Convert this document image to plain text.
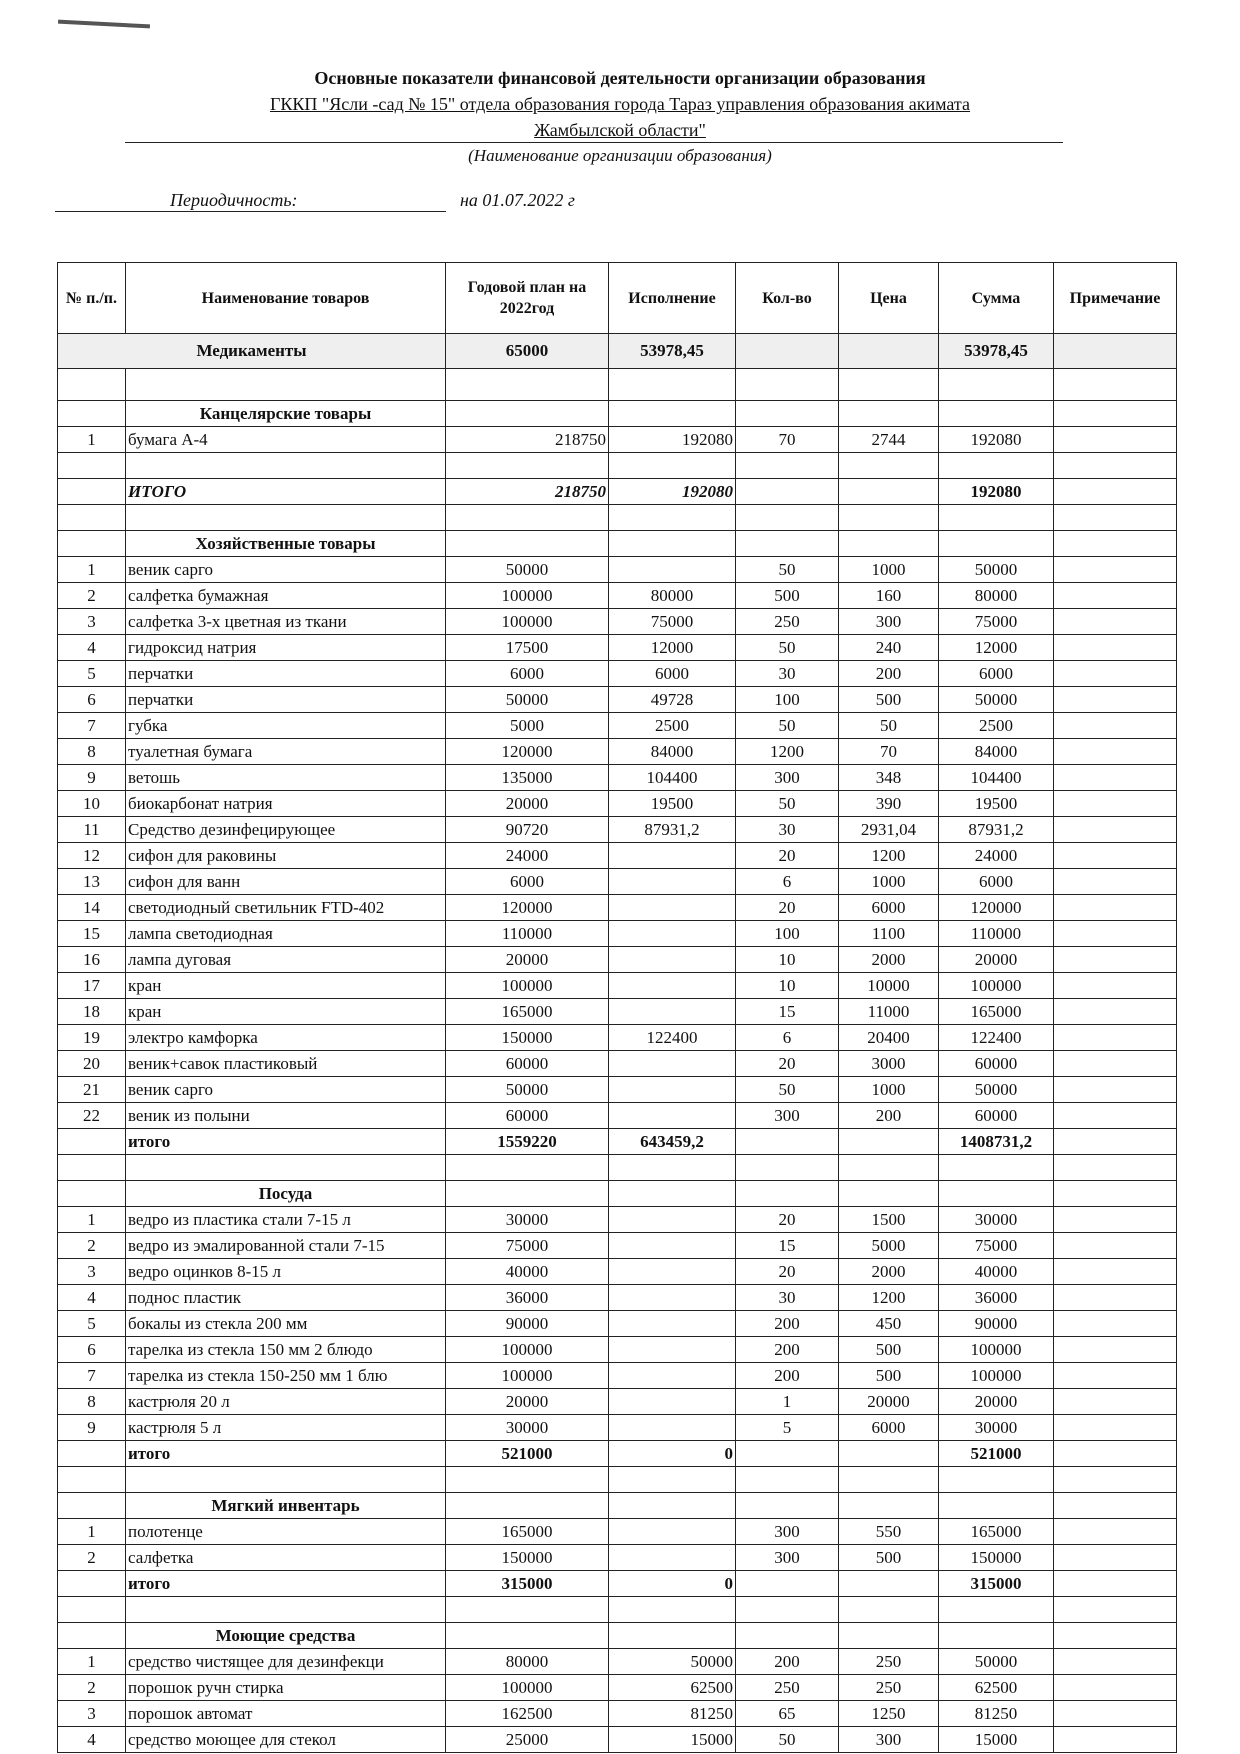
Основные показатели финансовой деятельности организации образования
ГККП "Ясли -сад № 15" отдела образования города Тараз управления образования акимата
Жамбылской области"
(Наименование организации образования)
Периодичность:	на 01.07.2022 г
№ п./п.	Наименование товаров	Годовой план на 2022год	Исполнение	Кол-во	Цена	Сумма	Примечание
Медикаменты		65000	53978,45			53978,45	

	Канцелярские товары						
1	бумага А-4	218750	192080	70	2744	192080	

	ИТОГО	218750	192080			192080	

	Хозяйственные товары						
1	веник сарго	50000		50	1000	50000	
2	салфетка бумажная	100000	80000	500	160	80000	
3	салфетка 3-х цветная из ткани	100000	75000	250	300	75000	
4	гидроксид натрия	17500	12000	50	240	12000	
5	перчатки	6000	6000	30	200	6000	
6	перчатки	50000	49728	100	500	50000	
7	губка	5000	2500	50	50	2500	
8	туалетная бумага	120000	84000	1200	70	84000	
9	ветошь	135000	104400	300	348	104400	
10	биокарбонат натрия	20000	19500	50	390	19500	
11	Средство дезинфецирующее	90720	87931,2	30	2931,04	87931,2	
12	сифон для раковины	24000		20	1200	24000	
13	сифон для ванн	6000		6	1000	6000	
14	светодиодный светильник FTD-402	120000		20	6000	120000	
15	лампа светодиодная	110000		100	1100	110000	
16	лампа дуговая	20000		10	2000	20000	
17	кран	100000		10	10000	100000	
18	кран	165000		15	11000	165000	
19	электро камфорка	150000	122400	6	20400	122400	
20	веник+савок пластиковый	60000		20	3000	60000	
21	веник сарго	50000		50	1000	50000	
22	веник из полыни	60000		300	200	60000	
	итого	1559220	643459,2			1408731,2	

	Посуда						
1	ведро из пластика стали 7-15 л	30000		20	1500	30000	
2	ведро из эмалированной стали 7-15	75000		15	5000	75000	
3	ведро оцинков 8-15 л	40000		20	2000	40000	
4	поднос пластик	36000		30	1200	36000	
5	бокалы из стекла 200 мм	90000		200	450	90000	
6	тарелка из стекла 150 мм 2 блюдо	100000		200	500	100000	
7	тарелка из стекла 150-250 мм 1 блю	100000		200	500	100000	
8	кастрюля 20 л	20000		1	20000	20000	
9	кастрюля 5 л	30000		5	6000	30000	
	итого	521000	0			521000	

	Мягкий инвентарь						
1	полотенце	165000		300	550	165000	
2	салфетка	150000		300	500	150000	
	итого	315000	0			315000	

	Моющие средства						
1	средство чистящее для дезинфекци	80000	50000	200	250	50000	
2	порошок ручн стирка	100000	62500	250	250	62500	
3	порошок автомат	162500	81250	65	1250	81250	
4	средство моющее для стекол	25000	15000	50	300	15000	
